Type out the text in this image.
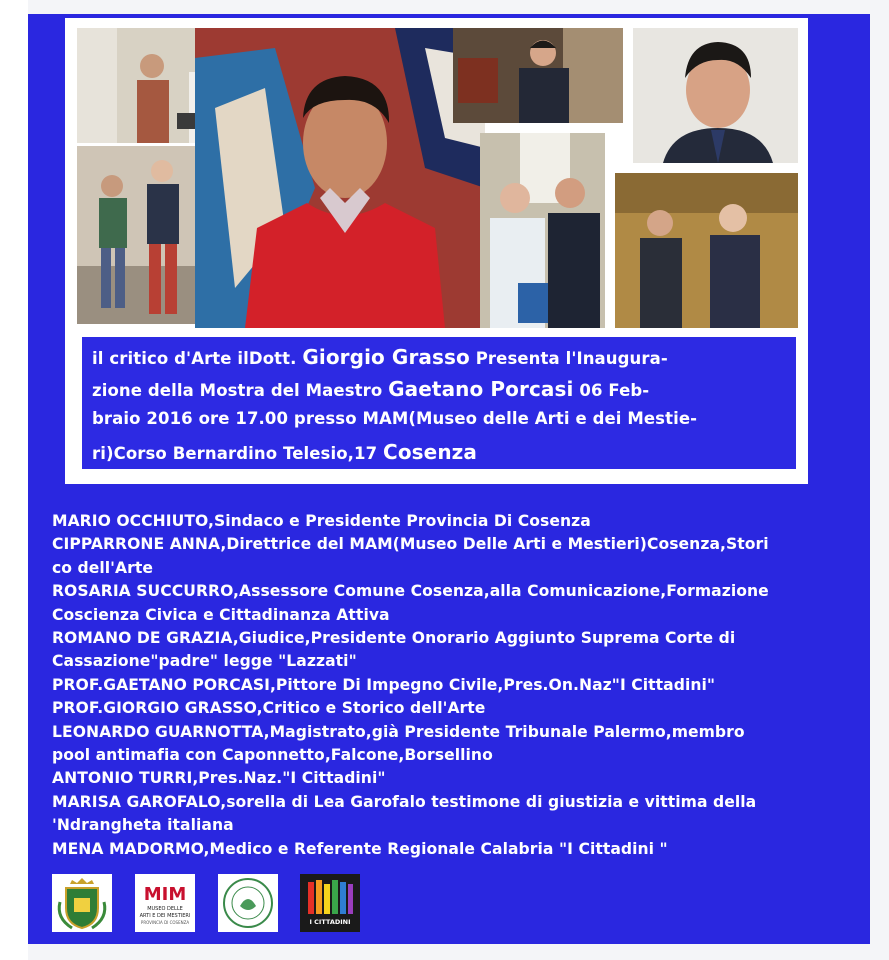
il critico d'Arte ilDott. Giorgio Grasso Presenta l'Inaugura-
zione della Mostra del Maestro Gaetano Porcasi 06 Feb-
braio 2016 ore 17.00 presso MAM(Museo delle Arti e dei Mestie-
ri)Corso Bernardino Telesio,17 Cosenza
MARIO OCCHIUTO,Sindaco e Presidente Provincia Di Cosenza
CIPPARRONE ANNA,Direttrice del MAM(Museo Delle Arti e Mestieri)Cosenza,Stori
co dell'Arte
ROSARIA SUCCURRO,Assessore Comune Cosenza,alla Comunicazione,Formazione
Coscienza Civica e Cittadinanza Attiva
ROMANO DE GRAZIA,Giudice,Presidente Onorario Aggiunto Suprema Corte di
Cassazione"padre" legge "Lazzati"
PROF.GAETANO PORCASI,Pittore Di Impegno Civile,Pres.On.Naz"I Cittadini"
PROF.GIORGIO GRASSO,Critico e Storico dell'Arte
LEONARDO GUARNOTTA,Magistrato,già Presidente Tribunale Palermo,membro
pool antimafia con Caponnetto,Falcone,Borsellino
ANTONIO TURRI,Pres.Naz."I Cittadini"
MARISA GAROFALO,sorella di Lea Garofalo testimone di giustizia e vittima della
'Ndrangheta italiana
MENA MADORMO,Medico e Referente Regionale Calabria "I Cittadini "
MIM
MUSEO DELLE
ARTI E DEI MESTIERI
PROVINCIA DI COSENZA	I CITTADINI
